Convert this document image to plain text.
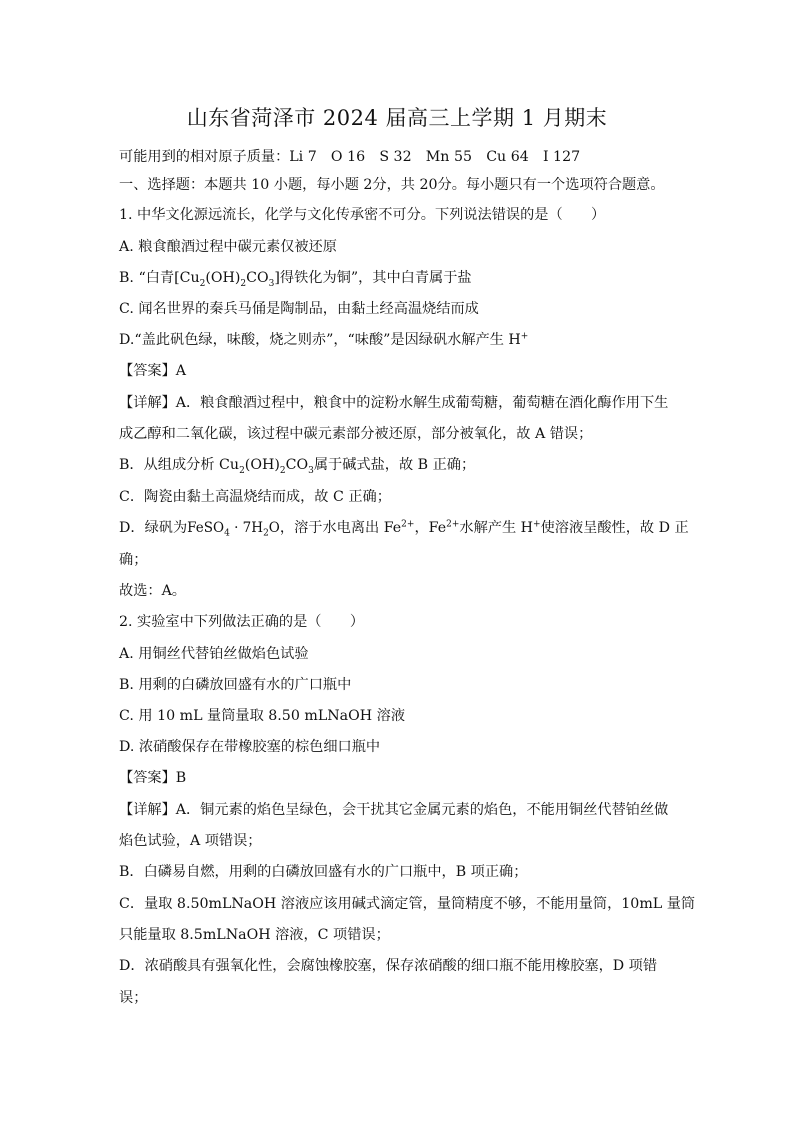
山东省菏泽市 2024 届高三上学期 1 月期末
可能用到的相对原子质量：Li 7　O 16　S 32　Mn 55　Cu 64　I 127
一、选择题：本题共 10 小题，每小题 2分，共 20分。每小题只有一个选项符合题意。
1. 中华文化源远流长，化学与文化传承密不可分。下列说法错误的是（　　）
A. 粮食酿酒过程中碳元素仅被还原
B. “白青$[Cu_2(OH)_2CO_3]$得铁化为铜”，其中白青属于盐
C. 闻名世界的秦兵马俑是陶制品，由黏土经高温烧结而成
D.“盖此矾色绿，味酸，烧之则赤”，“味酸”是因绿矾水解产生 H+
【答案】A
【详解】A．粮食酿酒过程中，粮食中的淀粉水解生成葡萄糖，葡萄糖在酒化酶作用下生
成乙醇和二氧化碳，该过程中碳元素部分被还原，部分被氧化，故 A 错误；
B．从组成分析 $Cu_2(OH)_2CO_3$属于碱式盐，故 B 正确；
C．陶瓷由黏土高温烧结而成，故 C 正确；
D．绿矾为FeSO$_4$ · $7H_2O$，溶于水电离出 $Fe^{2+}$，$Fe^{2+}$水解产生 H+使溶液呈酸性，故 D 正
确；
故选：A。
2. 实验室中下列做法正确的是（　　）
A. 用铜丝代替铂丝做焰色试验
B. 用剩的白磷放回盛有水的广口瓶中
C. 用 10 mL 量筒量取 8.50 mLNaOH 溶液
D. 浓硝酸保存在带橡胶塞的棕色细口瓶中
【答案】B
【详解】A．铜元素的焰色呈绿色，会干扰其它金属元素的焰色，不能用铜丝代替铂丝做
焰色试验，A 项错误；
B．白磷易自燃，用剩的白磷放回盛有水的广口瓶中，B 项正确；
C．量取 8.50mLNaOH 溶液应该用碱式滴定管，量筒精度不够，不能用量筒，10mL 量筒
只能量取 8.5mLNaOH 溶液，C 项错误；
D．浓硝酸具有强氧化性，会腐蚀橡胶塞，保存浓硝酸的细口瓶不能用橡胶塞，D 项错
误；
